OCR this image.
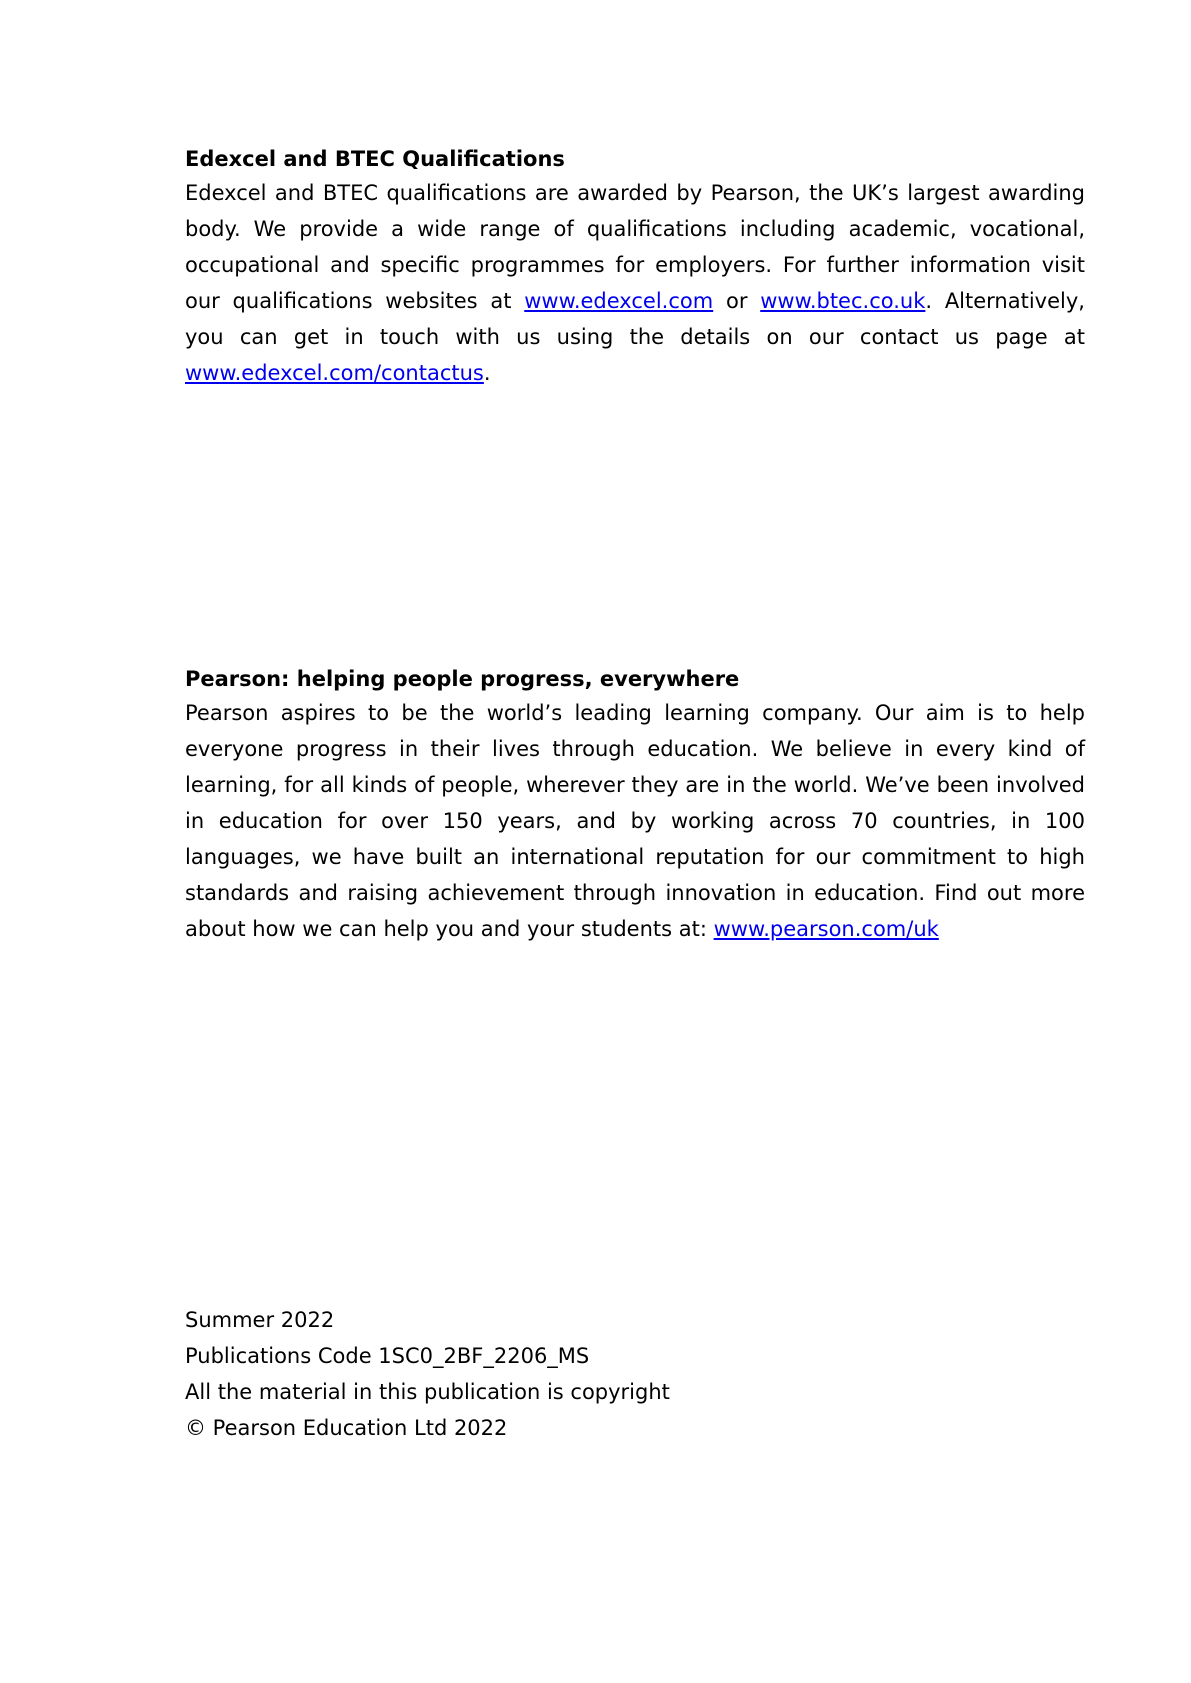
Edexcel and BTEC Qualifications

Edexcel and BTEC qualifications are awarded by Pearson, the UK’s largest awarding body. We provide a wide range of qualifications including academic, vocational, occupational and specific programmes for employers. For further information visit our qualifications websites at www.edexcel.com or www.btec.co.uk. Alternatively, you can get in touch with us using the details on our contact us page at www.edexcel.com/contactus.

Pearson: helping people progress, everywhere

Pearson aspires to be the world’s leading learning company. Our aim is to help everyone progress in their lives through education. We believe in every kind of learning, for all kinds of people, wherever they are in the world. We’ve been involved in education for over 150 years, and by working across 70 countries, in 100 languages, we have built an international reputation for our commitment to high standards and raising achievement through innovation in education. Find out more about how we can help you and your students at: www.pearson.com/uk

Summer 2022

Publications Code 1SC0_2BF_2206_MS

All the material in this publication is copyright

© Pearson Education Ltd 2022
